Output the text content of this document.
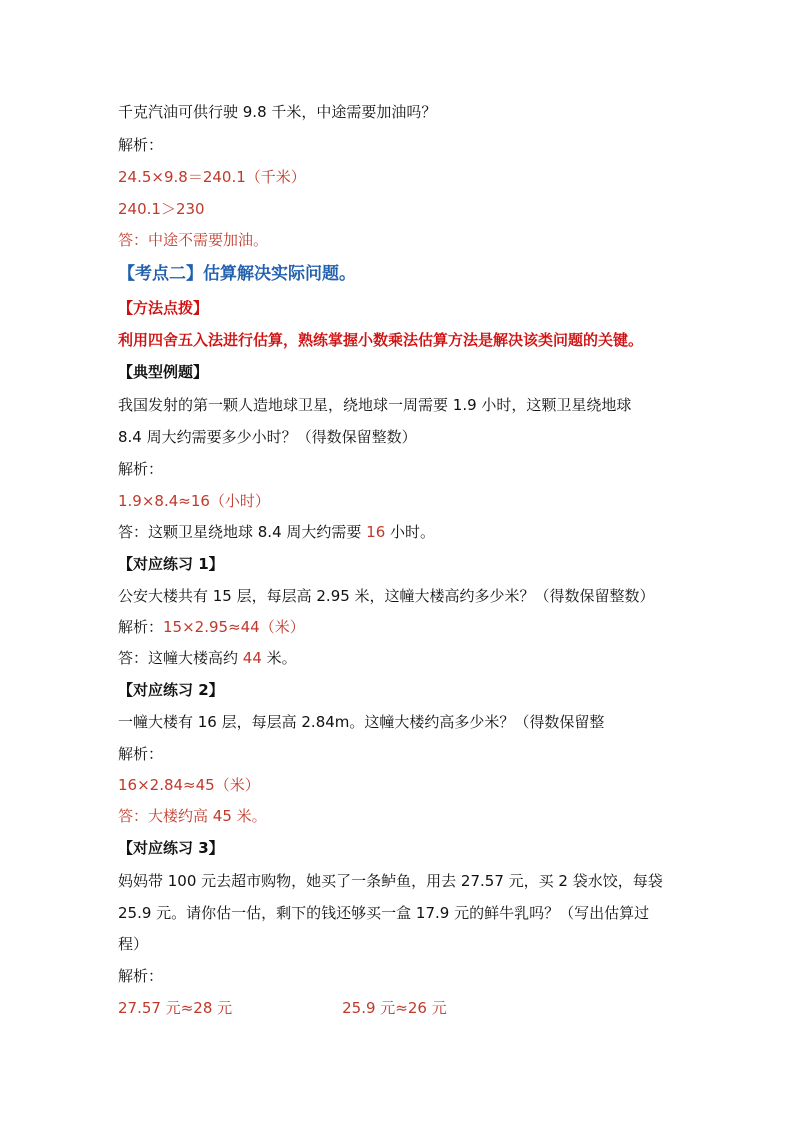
千克汽油可供行驶 9.8 千米，中途需要加油吗？
解析：
24.5×9.8＝240.1（千米）
240.1＞230
答：中途不需要加油。
【考点二】估算解决实际问题。
【方法点拨】
利用四舍五入法进行估算，熟练掌握小数乘法估算方法是解决该类问题的关键。
【典型例题】
我国发射的第一颗人造地球卫星，绕地球一周需要 1.9 小时，这颗卫星绕地球
8.4 周大约需要多少小时？（得数保留整数）
解析：
1.9×8.4≈16（小时）
答：这颗卫星绕地球 8.4 周大约需要 16 小时。
【对应练习 1】
公安大楼共有 15 层，每层高 2.95 米，这幢大楼高约多少米？（得数保留整数）
解析：15×2.95≈44（米）
答：这幢大楼高约 44 米。
【对应练习 2】
一幢大楼有 16 层，每层高 2.84m。这幢大楼约高多少米？（得数保留整
解析：
16×2.84≈45（米）
答：大楼约高 45 米。
【对应练习 3】
妈妈带 100 元去超市购物，她买了一条鲈鱼，用去 27.57 元，买 2 袋水饺，每袋
25.9 元。请你估一估，剩下的钱还够买一盒 17.9 元的鲜牛乳吗？（写出估算过
程）
解析：
27.57 元≈28 元	25.9 元≈26 元
